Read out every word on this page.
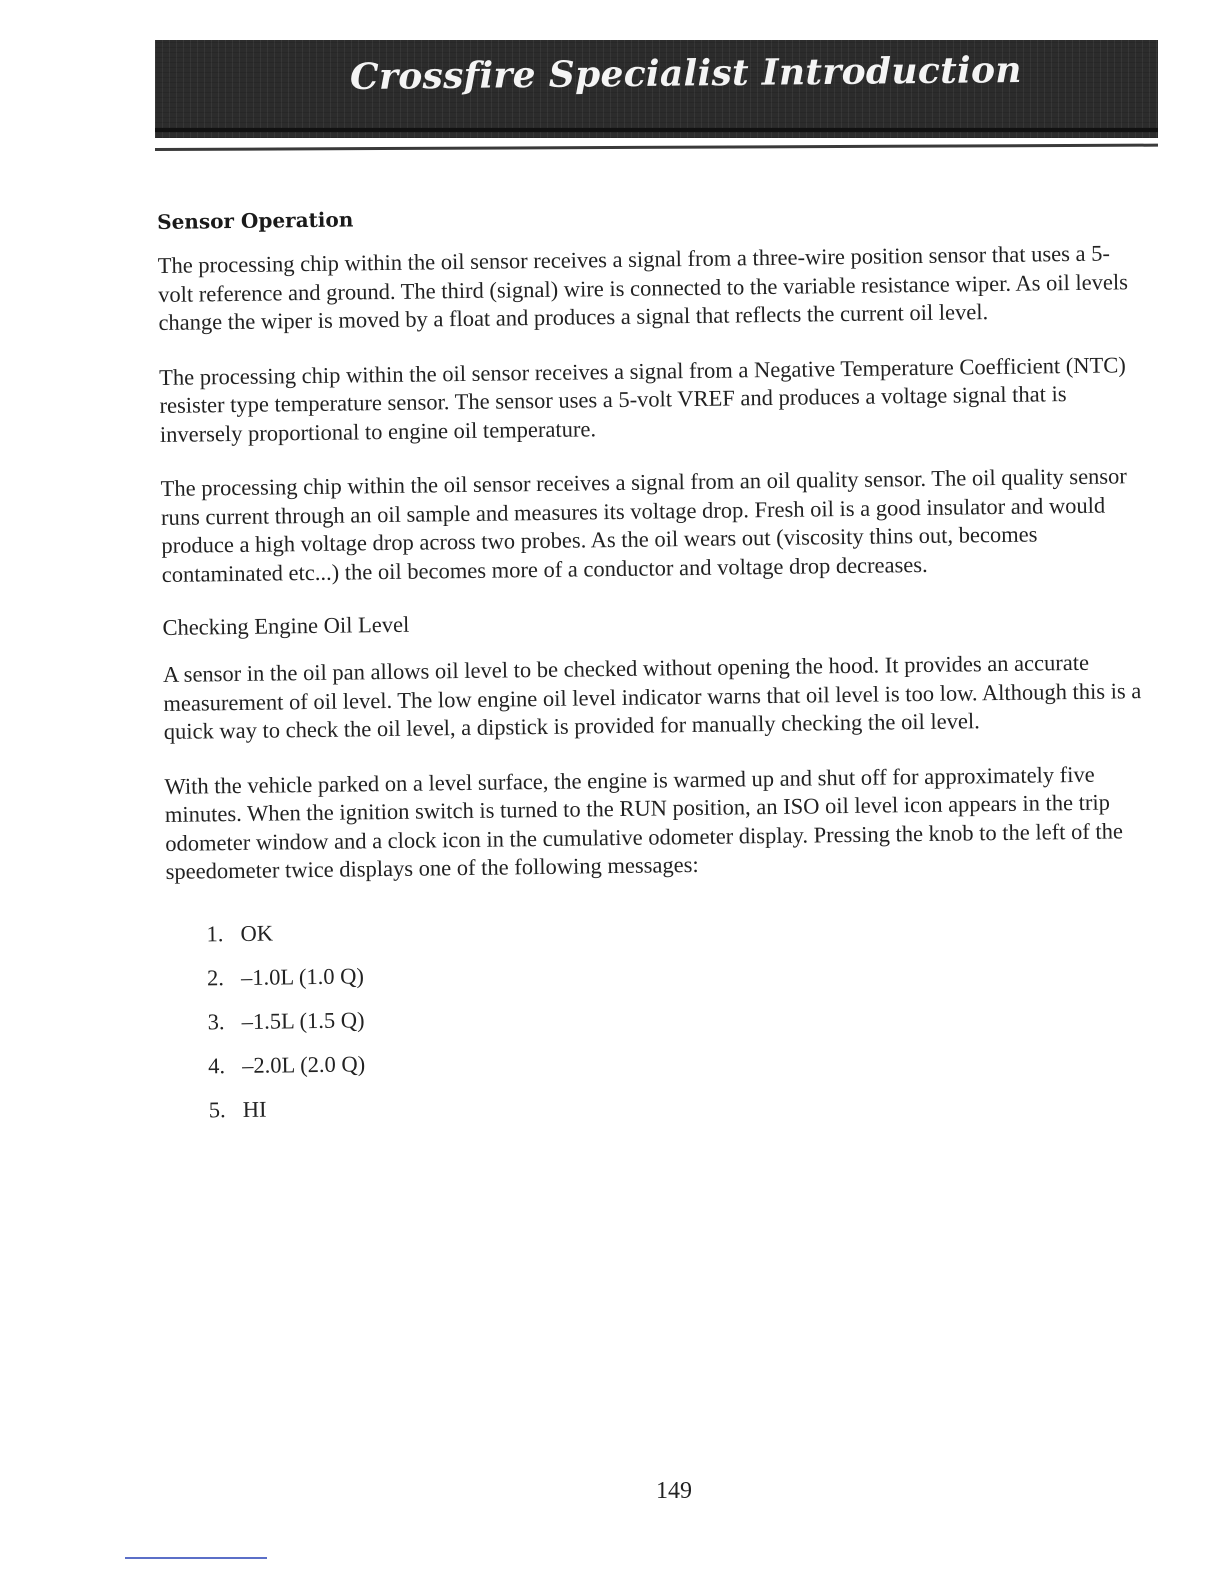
Crossfire Specialist Introduction
Sensor Operation

The processing chip within the oil sensor receives a signal from a three-wire position sensor that uses a 5-volt reference and ground. The third (signal) wire is connected to the variable resistance wiper. As oil levels change the wiper is moved by a float and produces a signal that reflects the current oil level.

The processing chip within the oil sensor receives a signal from a Negative Temperature Coefficient (NTC) resister type temperature sensor. The sensor uses a 5-volt VREF and produces a voltage signal that is inversely proportional to engine oil temperature.

The processing chip within the oil sensor receives a signal from an oil quality sensor. The oil quality sensor runs current through an oil sample and measures its voltage drop. Fresh oil is a good insulator and would produce a high voltage drop across two probes. As the oil wears out (viscosity thins out, becomes contaminated etc...) the oil becomes more of a conductor and voltage drop decreases.

Checking Engine Oil Level

A sensor in the oil pan allows oil level to be checked without opening the hood. It provides an accurate measurement of oil level. The low engine oil level indicator warns that oil level is too low. Although this is a quick way to check the oil level, a dipstick is provided for manually checking the oil level.

With the vehicle parked on a level surface, the engine is warmed up and shut off for approximately five minutes. When the ignition switch is turned to the RUN position, an ISO oil level icon appears in the trip odometer window and a clock icon in the cumulative odometer display. Pressing the knob to the left of the speedometer twice displays one of the following messages:

1. OK
2. –1.0L (1.0 Q)
3. –1.5L (1.5 Q)
4. –2.0L (2.0 Q)
5. HI
149
